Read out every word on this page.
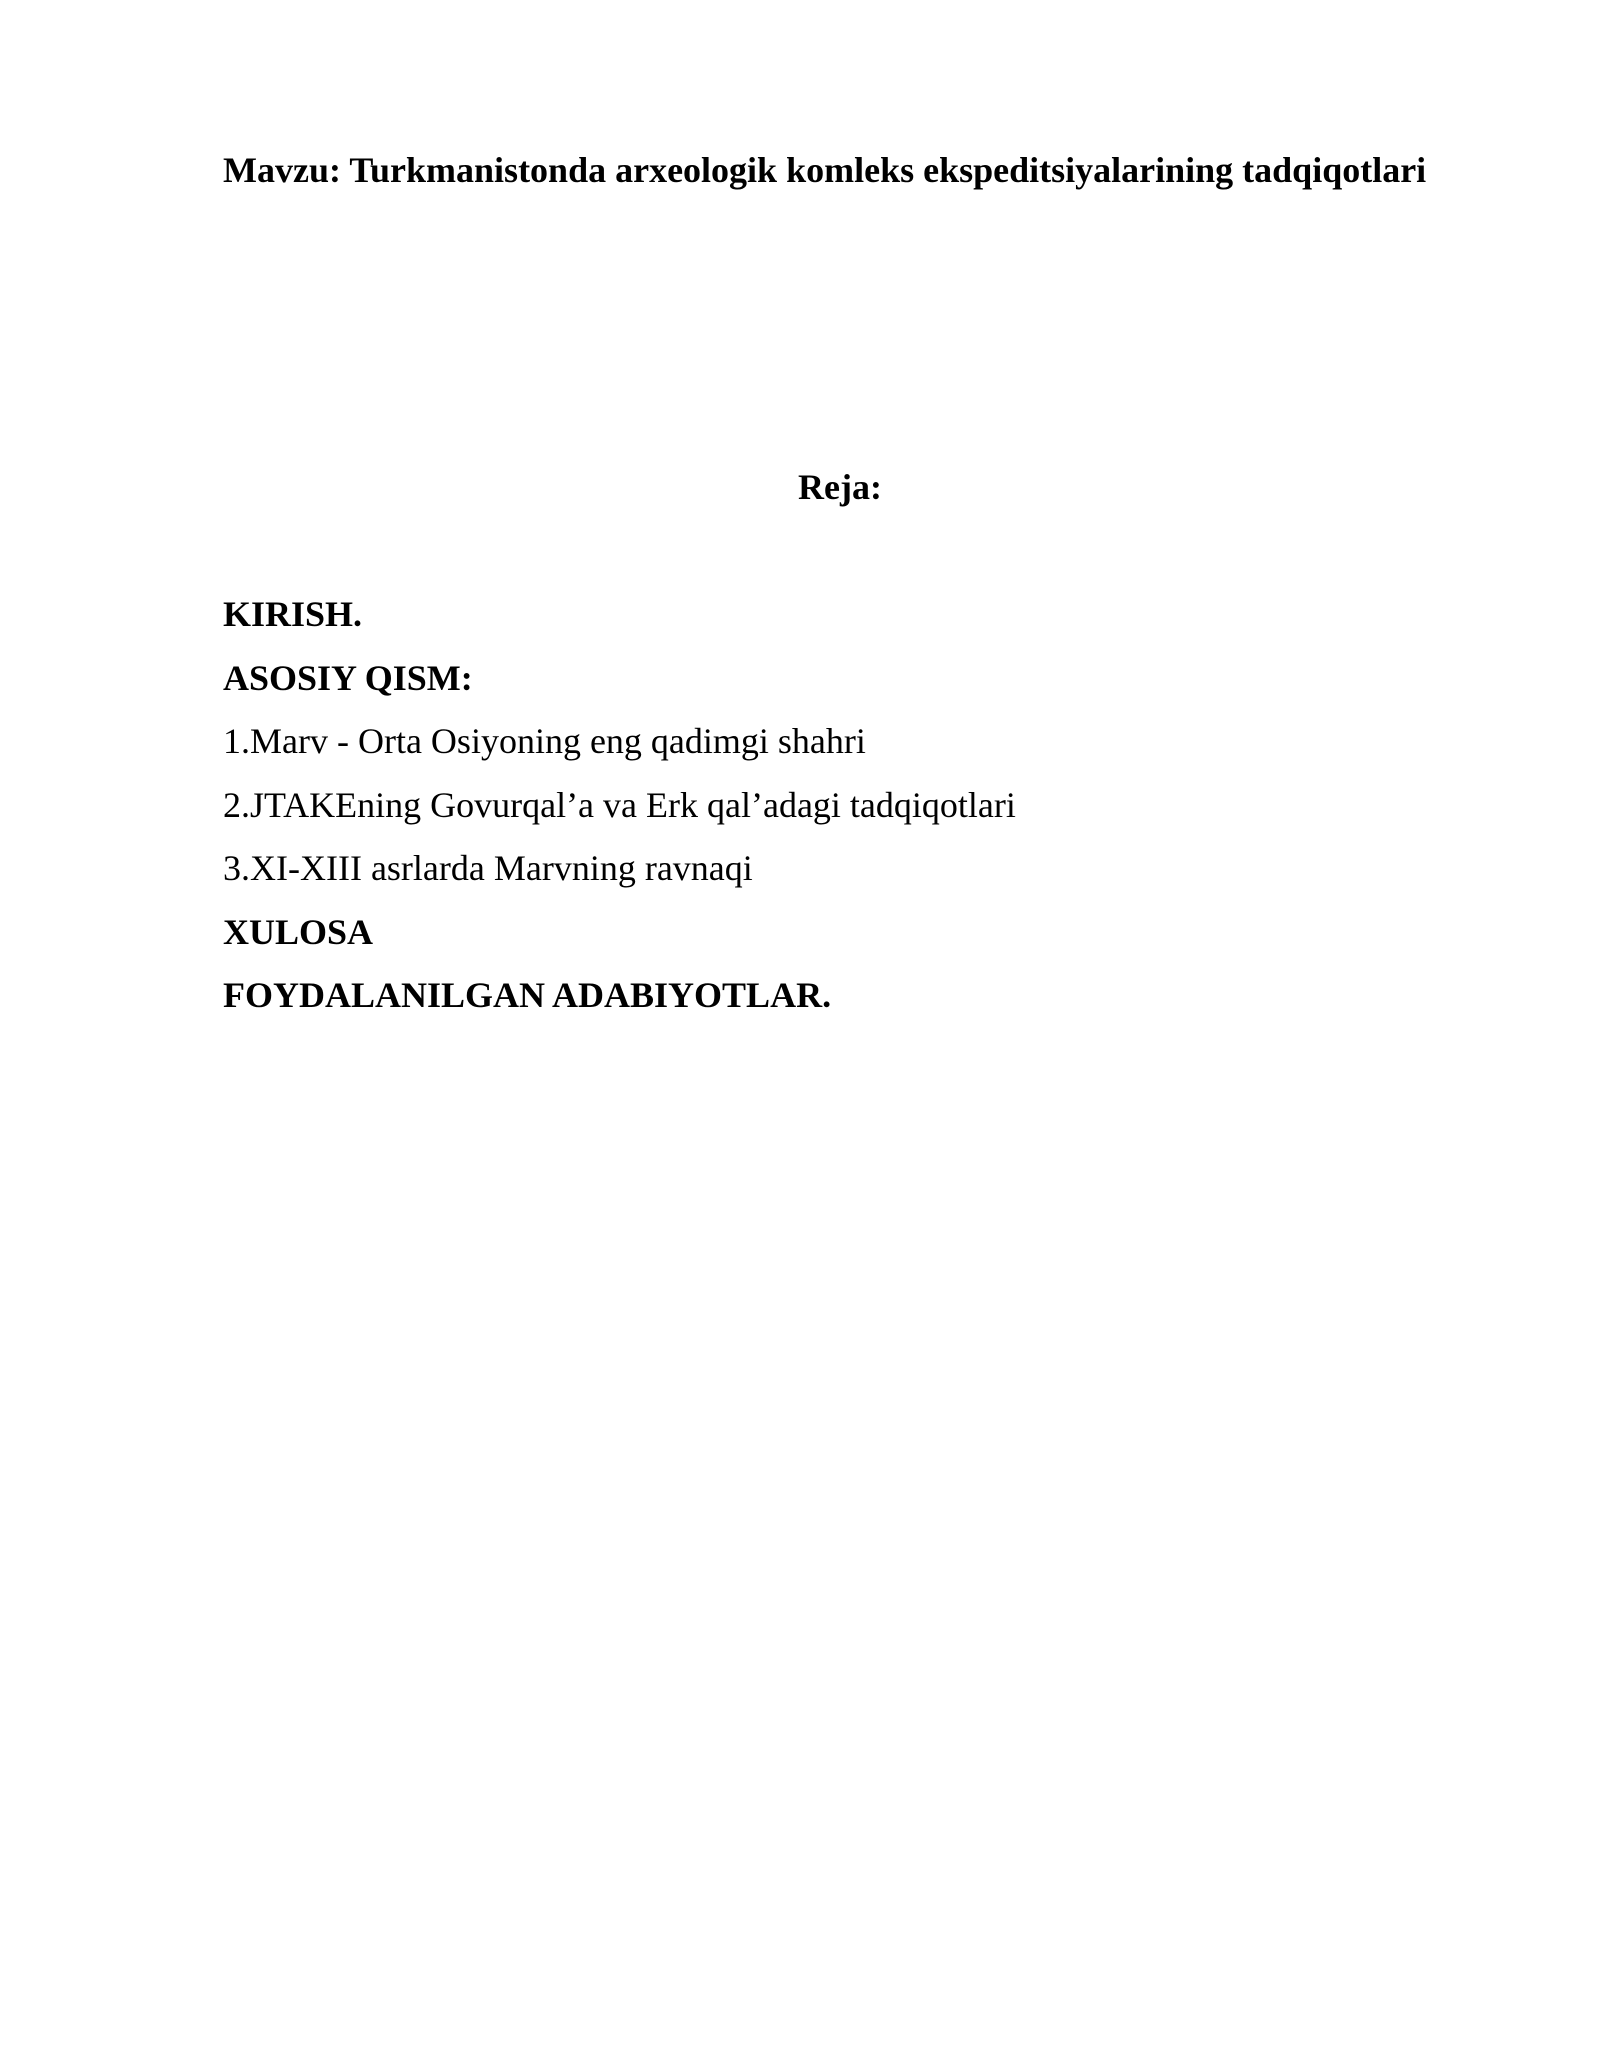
Mavzu: Turkmanistonda arxeologik komleks ekspeditsiyalarining tadqiqotlari
Reja:
KIRISH.
ASOSIY QISM:
1.Marv - Orta Osiyoning eng qadimgi shahri
2.JTAKEning Govurqal’a va Erk qal’adagi tadqiqotlari
3.XI-XIII asrlarda Marvning ravnaqi
XULOSA
FOYDALANILGAN ADABIYOTLAR.
